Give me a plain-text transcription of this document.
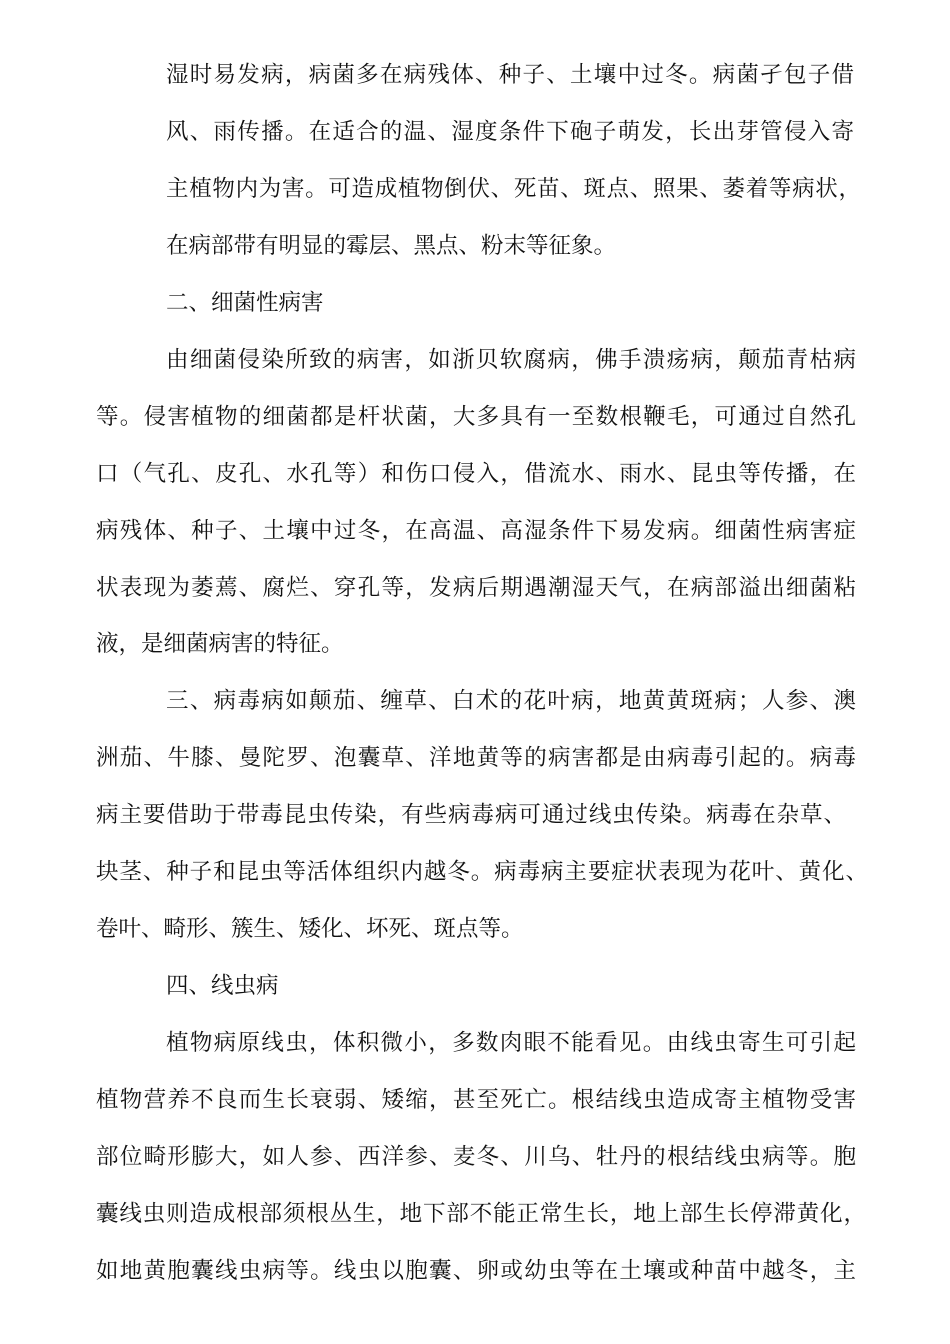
湿时易发病，病菌多在病残体、种子、土壤中过冬。病菌孑包子借

风、雨传播。在适合的温、湿度条件下砲子萌发，长出芽管侵入寄

主植物内为害。可造成植物倒伏、死苗、斑点、照果、萎着等病状，

在病部带有明显的霉层、黑点、粉末等征象。

二、细菌性病害

由细菌侵染所致的病害，如浙贝软腐病，佛手溃疡病，颠茄青枯病

等。侵害植物的细菌都是杆状菌，大多具有一至数根鞭毛，可通过自然孔

口（气孔、皮孔、水孔等）和伤口侵入，借流水、雨水、昆虫等传播，在

病残体、种子、土壤中过冬，在高温、高湿条件下易发病。细菌性病害症

状表现为萎蔫、腐烂、穿孔等，发病后期遇潮湿天气，在病部溢出细菌粘

液，是细菌病害的特征。

三、病毒病如颠茄、缠草、白术的花叶病，地黄黄斑病；人参、澳

洲茄、牛膝、曼陀罗、泡囊草、洋地黄等的病害都是由病毒引起的。病毒

病主要借助于带毒昆虫传染，有些病毒病可通过线虫传染。病毒在杂草、

块茎、种子和昆虫等活体组织内越冬。病毒病主要症状表现为花叶、黄化、

卷叶、畸形、簇生、矮化、坏死、斑点等。

四、线虫病

植物病原线虫，体积微小，多数肉眼不能看见。由线虫寄生可引起

植物营养不良而生长衰弱、矮缩，甚至死亡。根结线虫造成寄主植物受害

部位畸形膨大，如人参、西洋参、麦冬、川乌、牡丹的根结线虫病等。胞

囊线虫则造成根部须根丛生，地下部不能正常生长，地上部生长停滞黄化，

如地黄胞囊线虫病等。线虫以胞囊、卵或幼虫等在土壤或种苗中越冬，主
